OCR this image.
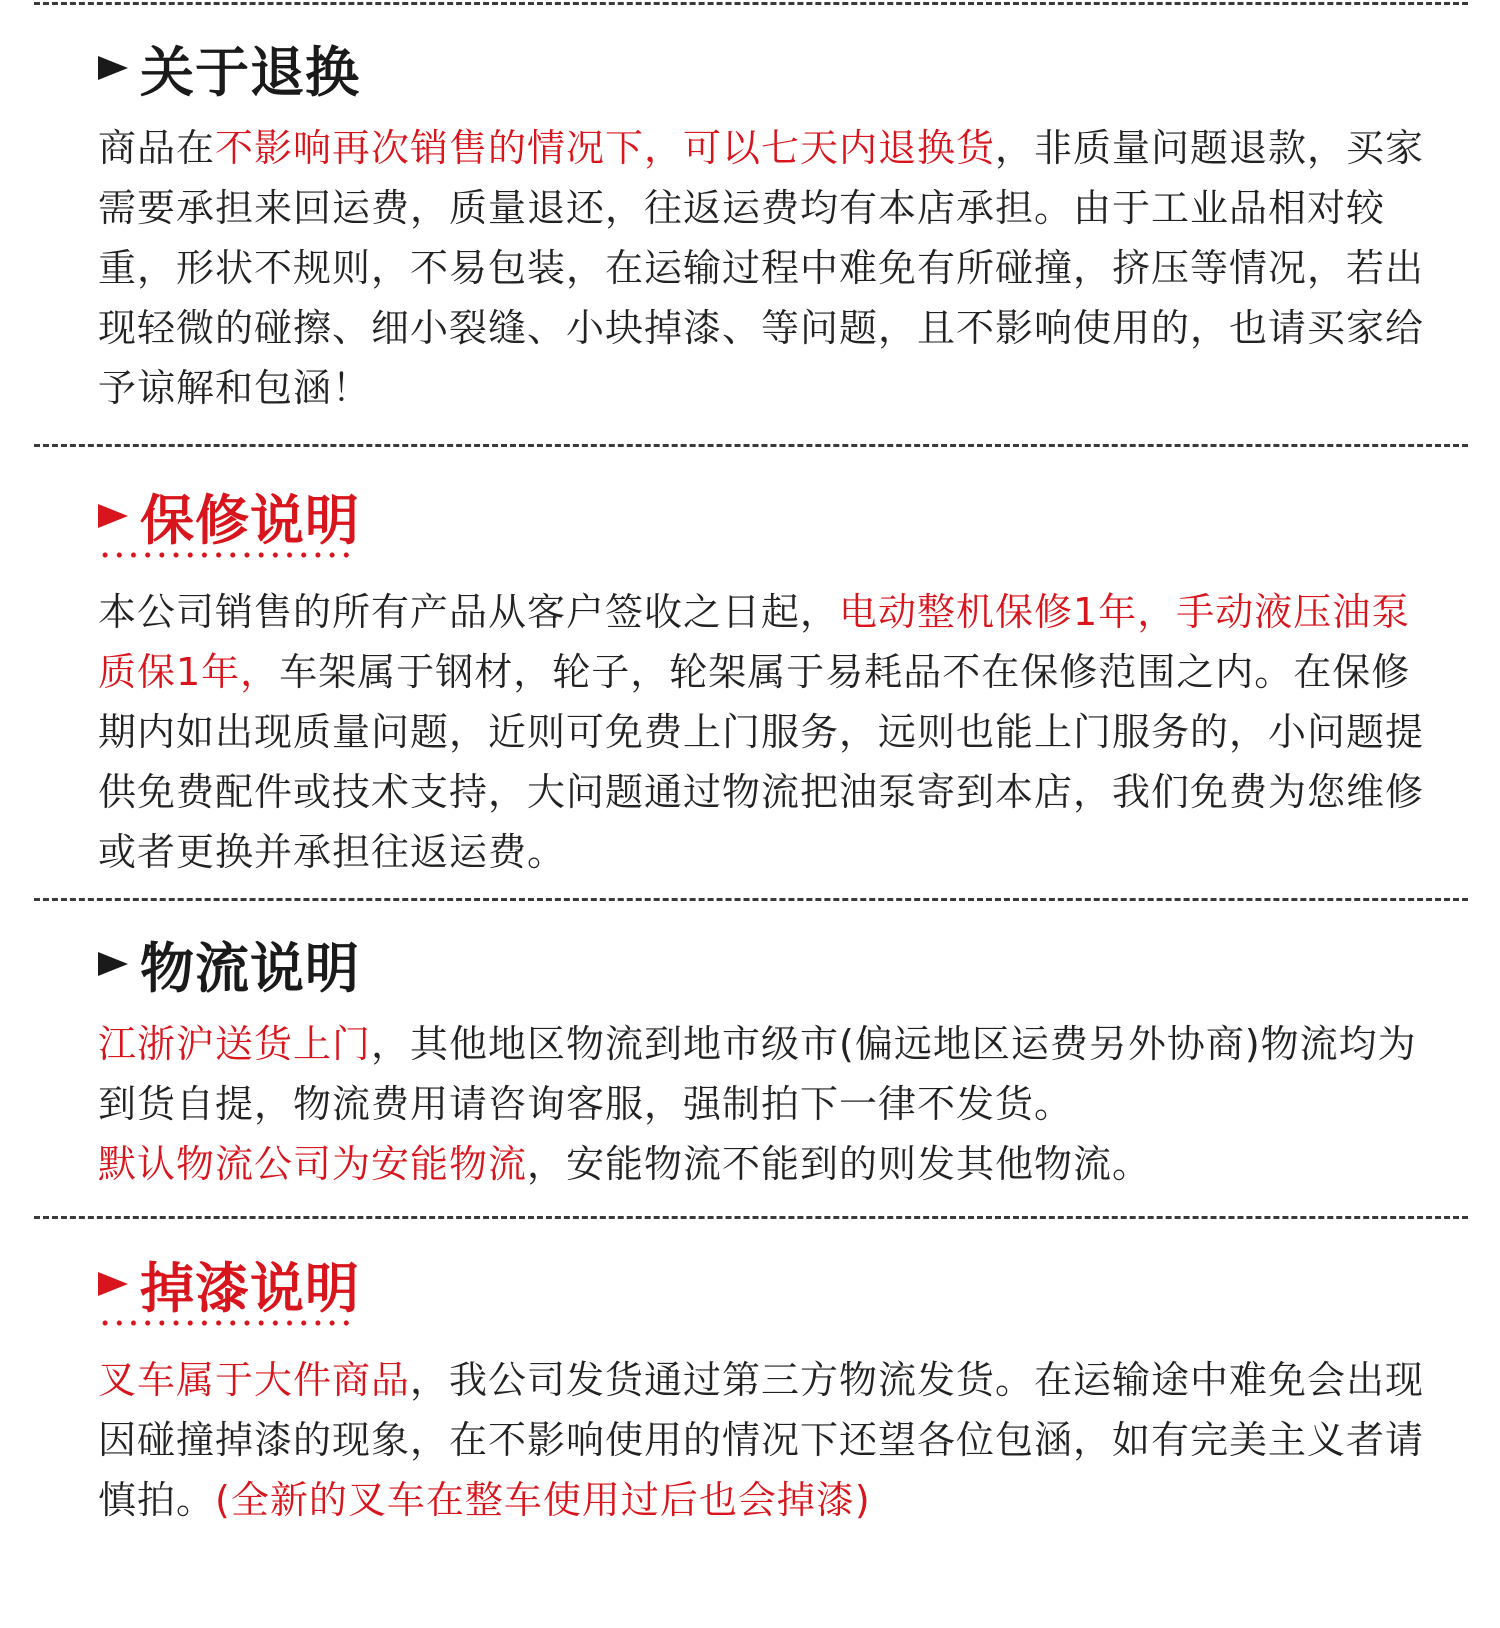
关于退换
商品在不影响再次销售的情况下，可以七天内退换货，非质量问题退款，买家需要承担来回运费，质量退还，往返运费均有本店承担。由于工业品相对较重，形状不规则，不易包装，在运输过程中难免有所碰撞，挤压等情况，若出现轻微的碰擦、细小裂缝、小块掉漆、等问题，且不影响使用的，也请买家给予谅解和包涵！
保修说明
本公司销售的所有产品从客户签收之日起，电动整机保修1年，手动液压油泵质保1年，车架属于钢材，轮子，轮架属于易耗品不在保修范围之内。在保修期内如出现质量问题，近则可免费上门服务，远则也能上门服务的，小问题提供免费配件或技术支持，大问题通过物流把油泵寄到本店，我们免费为您维修或者更换并承担往返运费。
物流说明
江浙沪送货上门，其他地区物流到地市级市(偏远地区运费另外协商)物流均为到货自提，物流费用请咨询客服，强制拍下一律不发货。
默认物流公司为安能物流，安能物流不能到的则发其他物流。
掉漆说明
叉车属于大件商品，我公司发货通过第三方物流发货。在运输途中难免会出现因碰撞掉漆的现象，在不影响使用的情况下还望各位包涵，如有完美主义者请慎拍。(全新的叉车在整车使用过后也会掉漆)
